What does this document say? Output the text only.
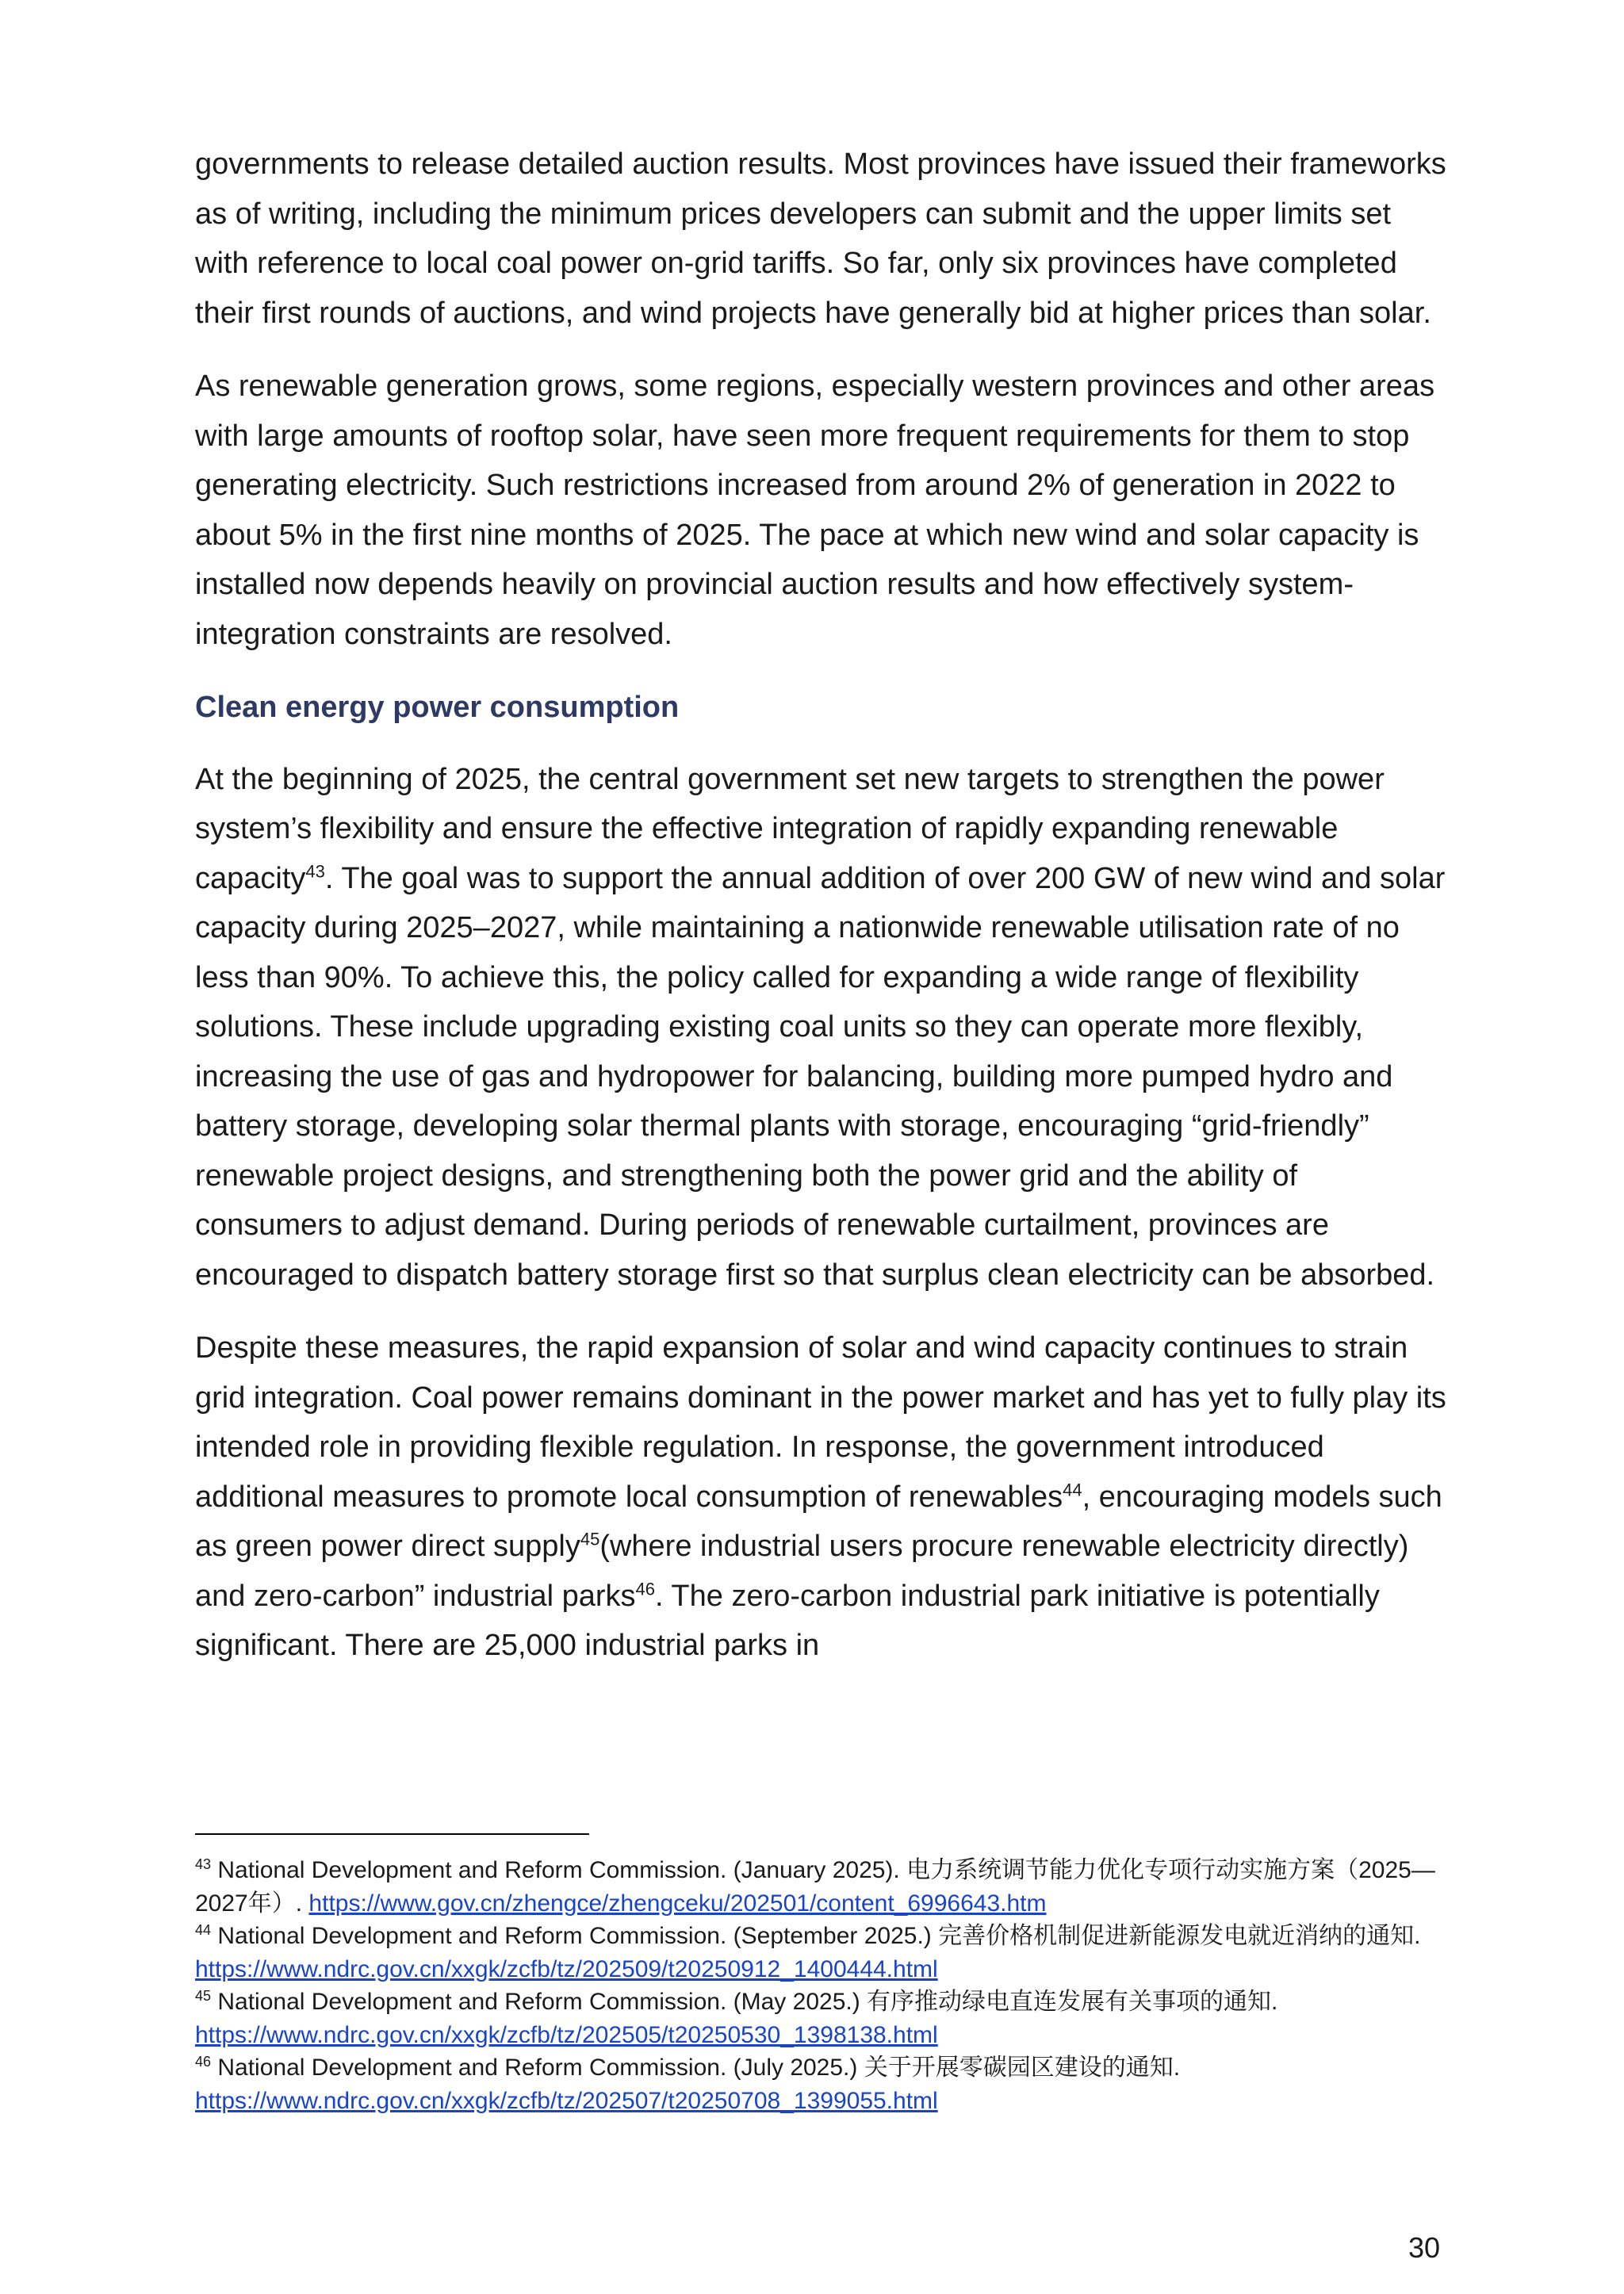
governments to release detailed auction results. Most provinces have issued their frameworks as of writing, including the minimum prices developers can submit and the upper limits set with reference to local coal power on-grid tariffs. So far, only six provinces have completed their first rounds of auctions, and wind projects have generally bid at higher prices than solar.

As renewable generation grows, some regions, especially western provinces and other areas with large amounts of rooftop solar, have seen more frequent requirements for them to stop generating electricity. Such restrictions increased from around 2% of generation in 2022 to about 5% in the first nine months of 2025. The pace at which new wind and solar capacity is installed now depends heavily on provincial auction results and how effectively system-integration constraints are resolved.

Clean energy power consumption

At the beginning of 2025, the central government set new targets to strengthen the power system’s flexibility and ensure the effective integration of rapidly expanding renewable capacity$^{43}$. The goal was to support the annual addition of over 200 GW of new wind and solar capacity during 2025–2027, while maintaining a nationwide renewable utilisation rate of no less than 90%. To achieve this, the policy called for expanding a wide range of flexibility solutions. These include upgrading existing coal units so they can operate more flexibly, increasing the use of gas and hydropower for balancing, building more pumped hydro and battery storage, developing solar thermal plants with storage, encouraging “grid-friendly” renewable project designs, and strengthening both the power grid and the ability of consumers to adjust demand. During periods of renewable curtailment, provinces are encouraged to dispatch battery storage first so that surplus clean electricity can be absorbed.

Despite these measures, the rapid expansion of solar and wind capacity continues to strain grid integration. Coal power remains dominant in the power market and has yet to fully play its intended role in providing flexible regulation. In response, the government introduced additional measures to promote local consumption of renewables$^{44}$, encouraging models such as green power direct supply$^{45}$(where industrial users procure renewable electricity directly) and zero-carbon” industrial parks$^{46}$. The zero-carbon industrial park initiative is potentially significant. There are 25,000 industrial parks in

$^{43}$ National Development and Reform Commission. (January 2025). 电力系统调节能力优化专项行动实施方案（2025—2027年）. https://www.gov.cn/zhengce/zhengceku/202501/content_6996643.htm

$^{44}$ National Development and Reform Commission. (September 2025.) 完善价格机制促进新能源发电就近消纳的通知. https://www.ndrc.gov.cn/xxgk/zcfb/tz/202509/t20250912_1400444.html

$^{45}$ National Development and Reform Commission. (May 2025.) 有序推动绿电直连发展有关事项的通知. https://www.ndrc.gov.cn/xxgk/zcfb/tz/202505/t20250530_1398138.html

$^{46}$ National Development and Reform Commission. (July 2025.) 关于开展零碳园区建设的通知. https://www.ndrc.gov.cn/xxgk/zcfb/tz/202507/t20250708_1399055.html

30
